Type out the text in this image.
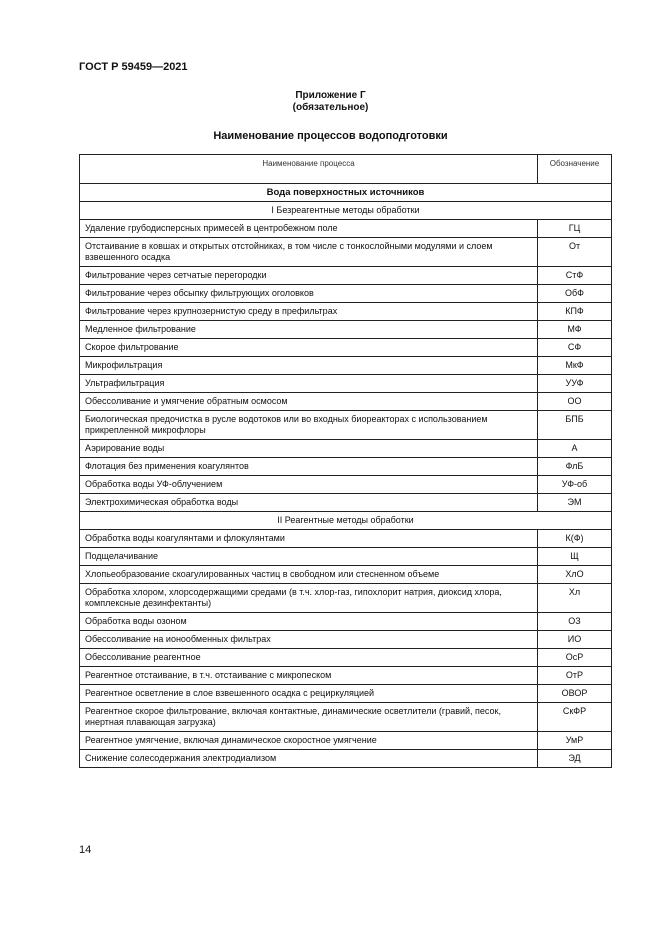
ГОСТ Р 59459—2021
Приложение Г
(обязательное)
Наименование процессов водоподготовки
Наименование процесса	Обозначение
Вода поверхностных источников	
I Безреагентные методы обработки	
Удаление грубодисперсных примесей в центробежном поле	ГЦ
Отстаивание в ковшах и открытых отстойниках, в том числе с тонкослойными модулями и слоем взвешенного осадка	От
Фильтрование через сетчатые перегородки	СтФ
Фильтрование через обсыпку фильтрующих оголовков	ОбФ
Фильтрование через крупнозернистую среду в префильтрах	КПФ
Медленное фильтрование	МФ
Скорое фильтрование	СФ
Микрофильтрация	МкФ
Ультрафильтрация	УУФ
Обессоливание и умягчение обратным осмосом	ОО
Биологическая предочистка в русле водотоков или во входных биореакторах с использованием прикрепленной микрофлоры	БПБ
Аэрирование воды	А
Флотация без применения коагулянтов	ФлБ
Обработка воды УФ-облучением	УФ-об
Электрохимическая обработка воды	ЭМ
II Реагентные методы обработки	
Обработка воды коагулянтами и флокулянтами	К(Ф)
Подщелачивание	Щ
Хлопьеобразование скоагулированных частиц в свободном или стесненном объеме	ХлО
Обработка хлором, хлорсодержащими средами (в т.ч. хлор-газ, гипохлорит натрия, диоксид хлора, комплексные дезинфектанты)	Хл
Обработка воды озоном	ОЗ
Обессоливание на ионообменных фильтрах	ИО
Обессоливание реагентное	ОсР
Реагентное отстаивание, в т.ч. отстаивание с микропеском	ОтР
Реагентное осветление в слое взвешенного осадка с рециркуляцией	ОВОР
Реагентное скорое фильтрование, включая контактные, динамические осветлители (гравий, песок, инертная плавающая загрузка)	СкФР
Реагентное умягчение, включая динамическое скоростное умягчение	УмР
Снижение солесодержания электродиализом	ЭД
14
